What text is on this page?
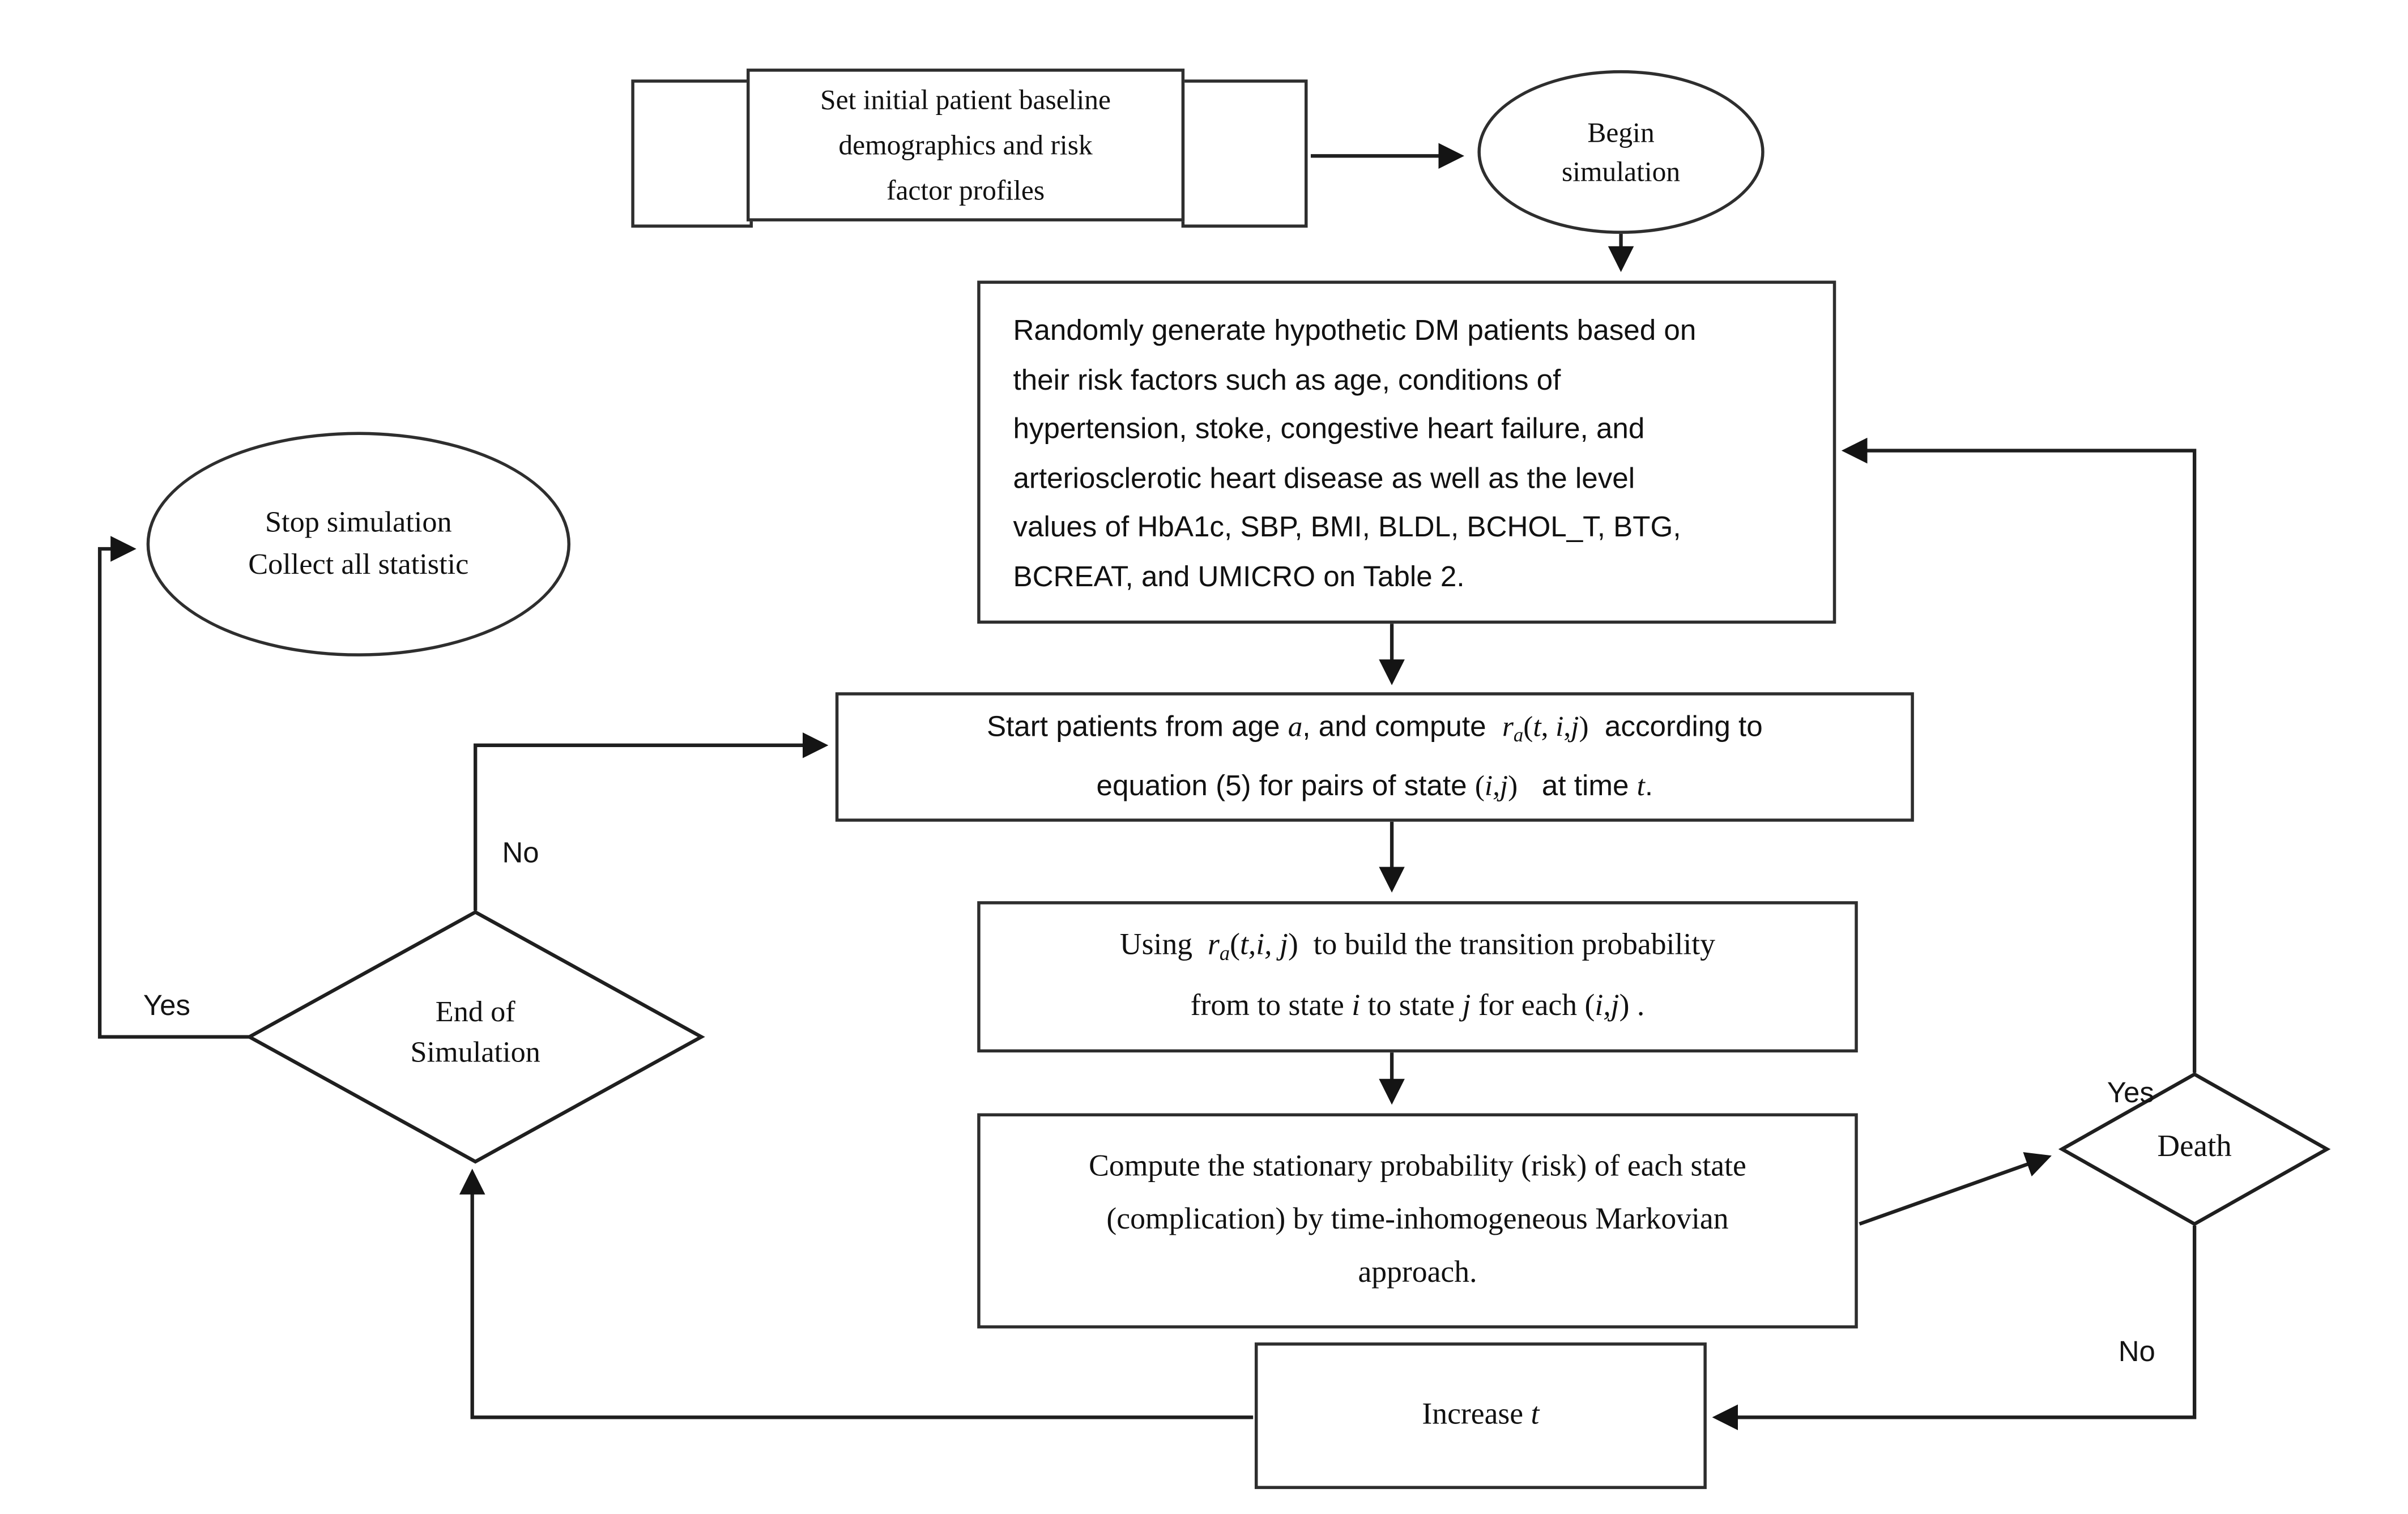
Set initial patient baseline
demographics and risk
factor profiles
Begin
simulation
Randomly generate hypothetic DM patients based on
their risk factors such as age, conditions of
hypertension, stoke, congestive heart failure, and
arteriosclerotic heart disease as well as the level
values of HbA1c, SBP, BMI, BLDL, BCHOL_T, BTG,
BCREAT, and UMICRO on Table 2.
Start patients from age a, and compute  ra(t, i,j)  according to
equation (5) for pairs of state (i,j)   at time t.
Using  ra(t,i, j)  to build the transition probability
from to state i to state j for each (i,j) .
Compute the stationary probability (risk) of each state
(complication) by time-inhomogeneous Markovian
approach.
Increase t
Stop simulation
Collect all statistic
End of
Simulation
Death
Yes
No
No
Yes
